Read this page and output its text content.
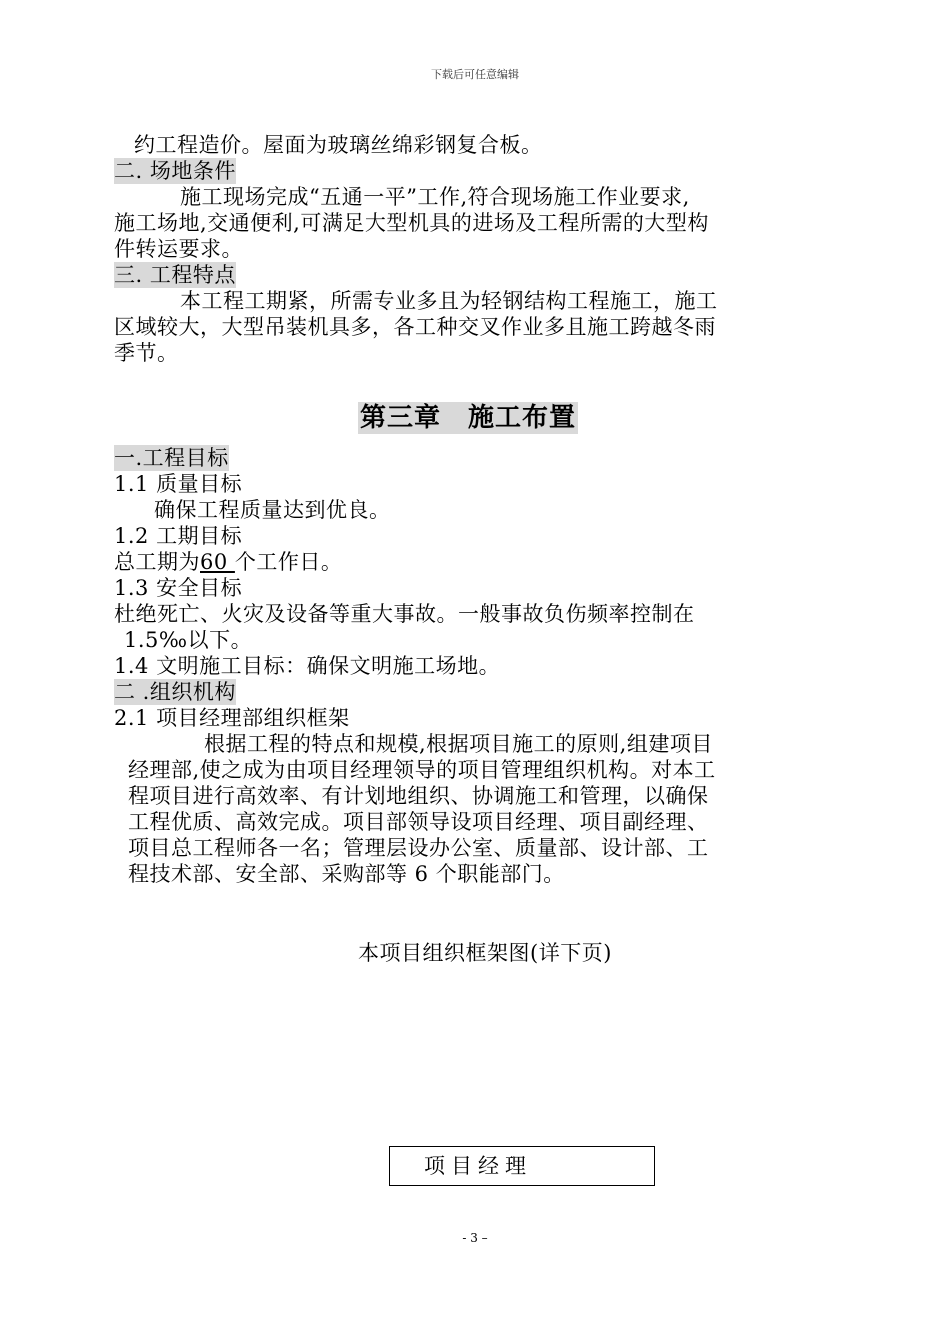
下载后可任意编辑
约工程造价。屋面为玻璃丝绵彩钢复合板。
二. 场地条件
施工现场完成“五通一平”工作,符合现场施工作业要求,
施工场地,交通便利,可满足大型机具的进场及工程所需的大型构
件转运要求。
三. 工程特点
本工程工期紧，所需专业多且为轻钢结构工程施工，施工
区域较大，大型吊装机具多，各工种交叉作业多且施工跨越冬雨
季节。
第三章　施工布置
一.工程目标
1.1 质量目标
确保工程质量达到优良。
1.2 工期目标
总工期为60 个工作日。
1.3 安全目标
杜绝死亡、火灾及设备等重大事故。一般事故负伤频率控制在
1.5‰以下。
1.4 文明施工目标：确保文明施工场地。
二 .组织机构
2.1 项目经理部组织框架
根据工程的特点和规模,根据项目施工的原则,组建项目
经理部,使之成为由项目经理领导的项目管理组织机构。对本工
程项目进行高效率、有计划地组织、协调施工和管理，以确保
工程优质、高效完成。项目部领导设项目经理、项目副经理、
项目总工程师各一名；管理层设办公室、质量部、设计部、工
程技术部、安全部、采购部等 6 个职能部门。
本项目组织框架图(详下页)
项目经理
- 3 –
